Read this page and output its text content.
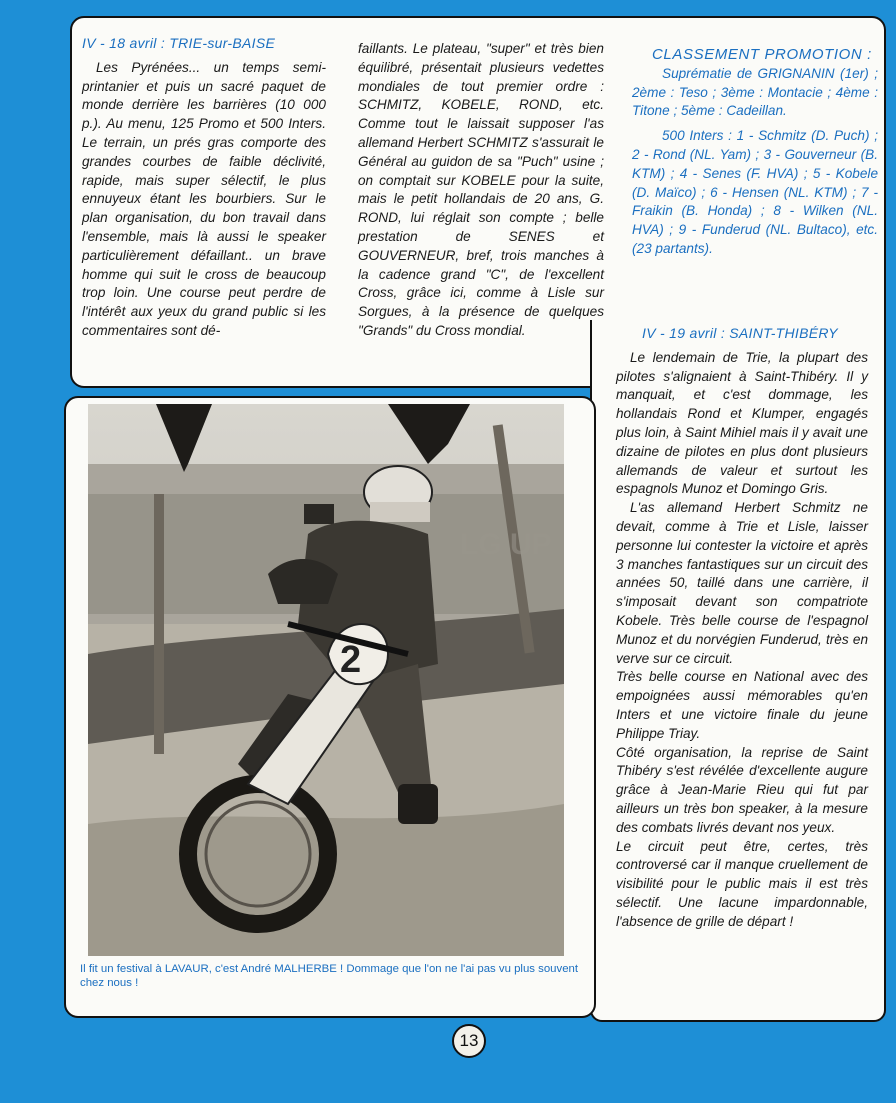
IV - 18 avril : TRIE-sur-BAISE

Les Pyrénées... un temps semi-printanier et puis un sacré paquet de monde derrière les barrières (10 000 p.). Au menu, 125 Promo et 500 Inters. Le terrain, un prés gras comporte des grandes courbes de faible déclivité, rapide, mais super sélectif, le plus ennuyeux étant les bourbiers. Sur le plan organisation, du bon travail dans l'ensemble, mais là aussi le speaker particulièrement défaillant.. un brave homme qui suit le cross de beaucoup trop loin. Une course peut perdre de l'intérêt aux yeux du grand public si les commentaires sont dé-

faillants. Le plateau, "super" et très bien équilibré, présentait plusieurs vedettes mondiales de tout premier ordre : SCHMITZ, KOBELE, ROND, etc. Comme tout le laissait supposer l'as allemand Herbert SCHMITZ s'assurait le Général au guidon de sa "Puch" usine ; on comptait sur KOBELE pour la suite, mais le petit hollandais de 20 ans, G. ROND, lui réglait son compte ; belle prestation de SENES et GOUVERNEUR, bref, trois manches à la cadence grand "C", de l'excellent Cross, grâce ici, comme à Lisle sur Sorgues, à la présence de quelques "Grands" du Cross mondial.

CLASSEMENT PROMOTION :

Suprématie de GRIGNANIN (1er) ; 2ème : Teso ; 3ème : Montacie ; 4ème : Titone ; 5ème : Cadeillan.

500 Inters : 1 - Schmitz (D. Puch) ; 2 - Rond (NL. Yam) ; 3 - Gouverneur (B. KTM) ; 4 - Senes (F. HVA) ; 5 - Kobele (D. Maïco) ; 6 - Hensen (NL. KTM) ; 7 - Fraikin (B. Honda) ; 8 - Wilken (NL. HVA) ; 9 - Funderud (NL. Bultaco), etc. (23 partants).

IV - 19 avril : SAINT-THIBÉRY

Le lendemain de Trie, la plupart des pilotes s'alignaient à Saint-Thibéry. Il y manquait, et c'est dommage, les hollandais Rond et Klumper, engagés plus loin, à Saint Mihiel mais il y avait une dizaine de pilotes en plus dont plusieurs allemands de valeur et surtout les espagnols Munoz et Domingo Gris.

L'as allemand Herbert Schmitz ne devait, comme à Trie et Lisle, laisser personne lui contester la victoire et après 3 manches fantastiques sur un circuit des années 50, taillé dans une carrière, il s'imposait devant son compatriote Kobele. Très belle course de l'espagnol Munoz et du norvégien Funderud, très en verve sur ce circuit.

Très belle course en National avec des empoignées aussi mémorables qu'en Inters et une victoire finale du jeune Philippe Triay.

Côté organisation, la reprise de Saint Thibéry s'est révélée d'excellente augure grâce à Jean-Marie Rieu qui fut par ailleurs un très bon speaker, à la mesure des combats livrés devant nos yeux.

Le circuit peut être, certes, très controversé car il manque cruellement de visibilité pour le public mais il est très sélectif. Une lacune impardonnable, l'absence de grille de départ !

2
LG UP
Il fit un festival à LAVAUR, c'est André MALHERBE ! Dommage que l'on ne l'ai pas vu plus souvent chez nous !
13
